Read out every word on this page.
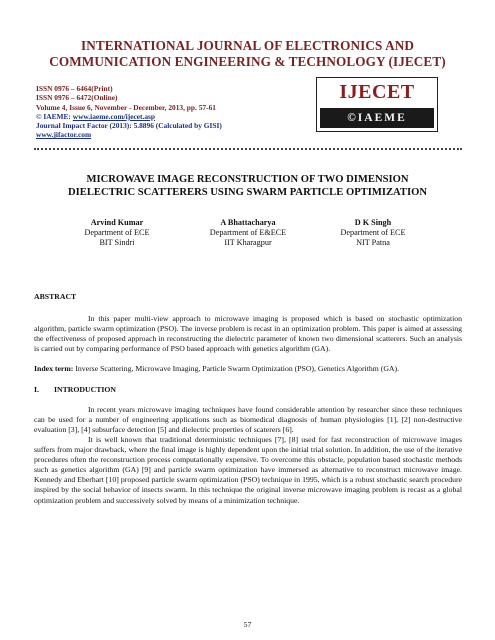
INTERNATIONAL JOURNAL OF ELECTRONICS AND
COMMUNICATION ENGINEERING & TECHNOLOGY (IJECET)
ISSN 0976 – 6464(Print)
ISSN 0976 – 6472(Online)
Volume 4, Issue 6, November - December, 2013, pp. 57-61
© IAEME: www.iaeme.com/ijecet.asp
Journal Impact Factor (2013): 5.8896 (Calculated by GISI)
www.jifactor.com
IJECET
©IAEME
MICROWAVE IMAGE RECONSTRUCTION OF TWO DIMENSION
DIELECTRIC SCATTERERS USING SWARM PARTICLE OPTIMIZATION
Arvind Kumar
Department of ECE
BIT Sindri
A Bhattacharya
Department of E&ECE
IIT Kharagpur
D K Singh
Department of ECE
NIT Patna

ABSTRACT

In this paper multi-view approach to microwave imaging is proposed which is based on stochastic optimization algorithm, particle swarm optimization (PSO). The inverse problem is recast in an optimization problem. This paper is aimed at assessing the effectiveness of proposed approach in reconstructing the dielectric parameter of known two dimensional scatterers. Such an analysis is carried out by comparing performance of PSO based approach with genetics algorithm (GA).

Index term: Inverse Scattering, Microwave Imaging, Particle Swarm Optimization (PSO), Genetics Algorithm (GA).

I. INTRODUCTION

In recent years microwave imaging techniques have found considerable attention by researcher since these techniques can be used for a number of engineering applications such as biomedical diagnosis of human physiologies [1], [2] non-destructive evaluation [3], [4] subsurface detection [5] and dielectric properties of scaterers [6].

It is well known that traditional deterministic techniques [7], [8] used for fast reconstruction of microwave images suffers from major drawback, where the final image is highly dependent upon the initial trial solution. In addition, the use of the iterative procedures often the reconstruction process computationally expensive. To overcome this obstacle, population based stochastic methods such as genetics algorithm (GA) [9] and particle swarm optimization have immersed as alternative to reconstruct microwave image. Kennedy and Eberhart [10] proposed particle swarm optimization (PSO) technique in 1995, which is a robust stochastic search procedure inspired by the social behavior of insects swarm. In this technique the original inverse microwave imaging problem is recast as a global optimization problem and successively solved by means of a minimization technique.

57
